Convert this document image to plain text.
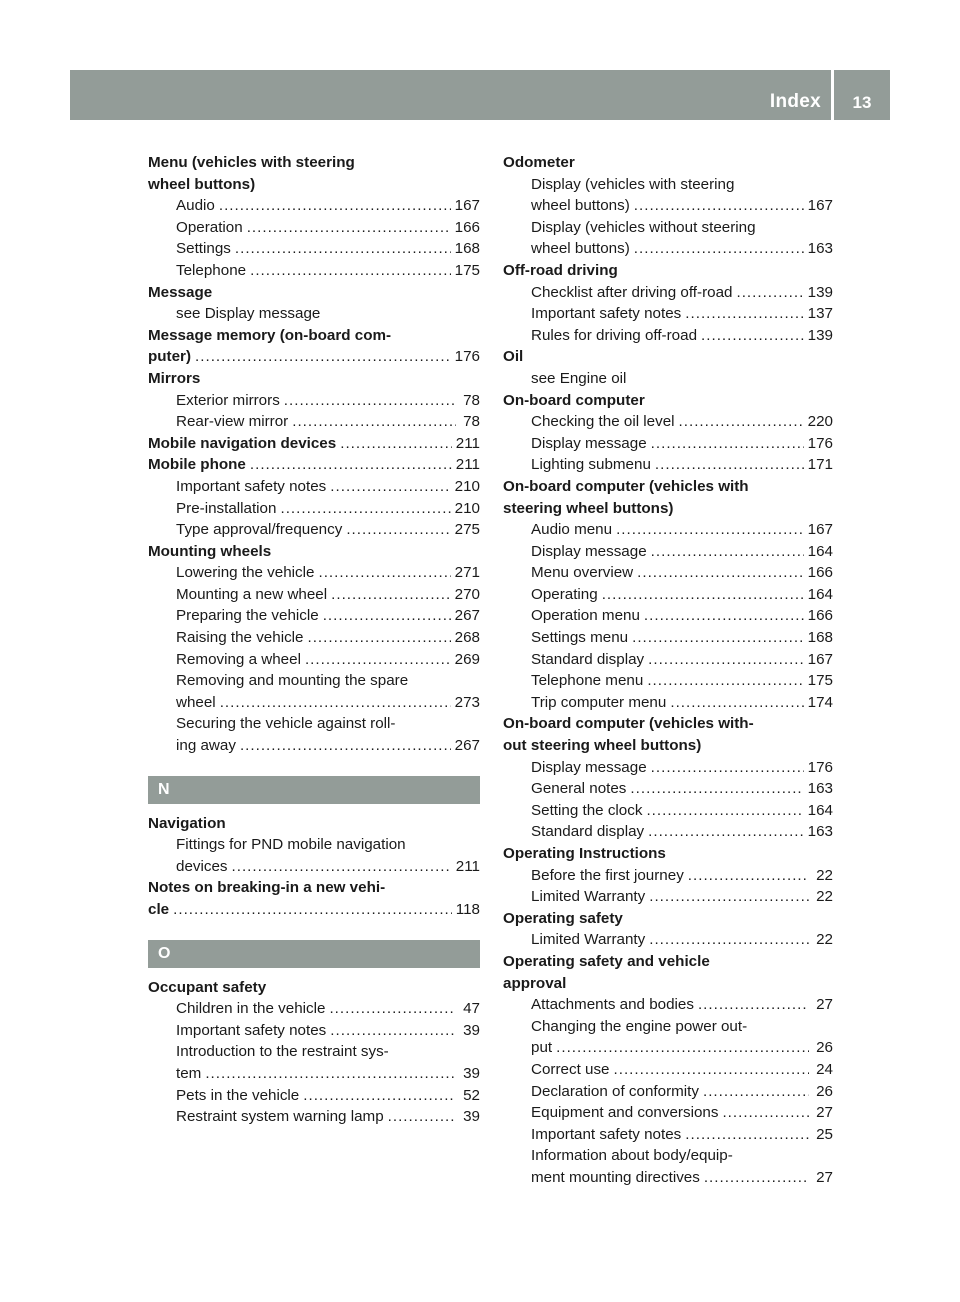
Index	13
Menu (vehicles with steering
wheel buttons)
Audio .....	167
Operation .....	166
Settings .....	168
Telephone .....	175
Message
see Display message
Message memory (on-board com-
puter) .....	176
Mirrors
Exterior mirrors .....	78
Rear-view mirror .....	78
Mobile navigation devices .....	211
Mobile phone .....	211
Important safety notes .....	210
Pre-installation .....	210
Type approval/frequency .....	275
Mounting wheels
Lowering the vehicle .....	271
Mounting a new wheel .....	270
Preparing the vehicle .....	267
Raising the vehicle .....	268
Removing a wheel .....	269
Removing and mounting the spare
wheel .....	273
Securing the vehicle against roll-
ing away .....	267
N
Navigation
Fittings for PND mobile navigation
devices .....	211
Notes on breaking-in a new vehi-
cle .....	118
O
Occupant safety
Children in the vehicle .....	47
Important safety notes .....	39
Introduction to the restraint sys-
tem .....	39
Pets in the vehicle .....	52
Restraint system warning lamp .....	39
Odometer
Display (vehicles with steering
wheel buttons) .....	167
Display (vehicles without steering
wheel buttons) .....	163
Off-road driving
Checklist after driving off-road .....	139
Important safety notes .....	137
Rules for driving off-road .....	139
Oil
see Engine oil
On-board computer
Checking the oil level .....	220
Display message .....	176
Lighting submenu .....	171
On-board computer (vehicles with
steering wheel buttons)
Audio menu .....	167
Display message .....	164
Menu overview .....	166
Operating .....	164
Operation menu .....	166
Settings menu .....	168
Standard display .....	167
Telephone menu .....	175
Trip computer menu .....	174
On-board computer (vehicles with-
out steering wheel buttons)
Display message .....	176
General notes .....	163
Setting the clock .....	164
Standard display .....	163
Operating Instructions
Before the first journey .....	22
Limited Warranty .....	22
Operating safety
Limited Warranty .....	22
Operating safety and vehicle
approval
Attachments and bodies .....	27
Changing the engine power out-
put .....	26
Correct use .....	24
Declaration of conformity .....	26
Equipment and conversions .....	27
Important safety notes .....	25
Information about body/equip-
ment mounting directives .....	27
